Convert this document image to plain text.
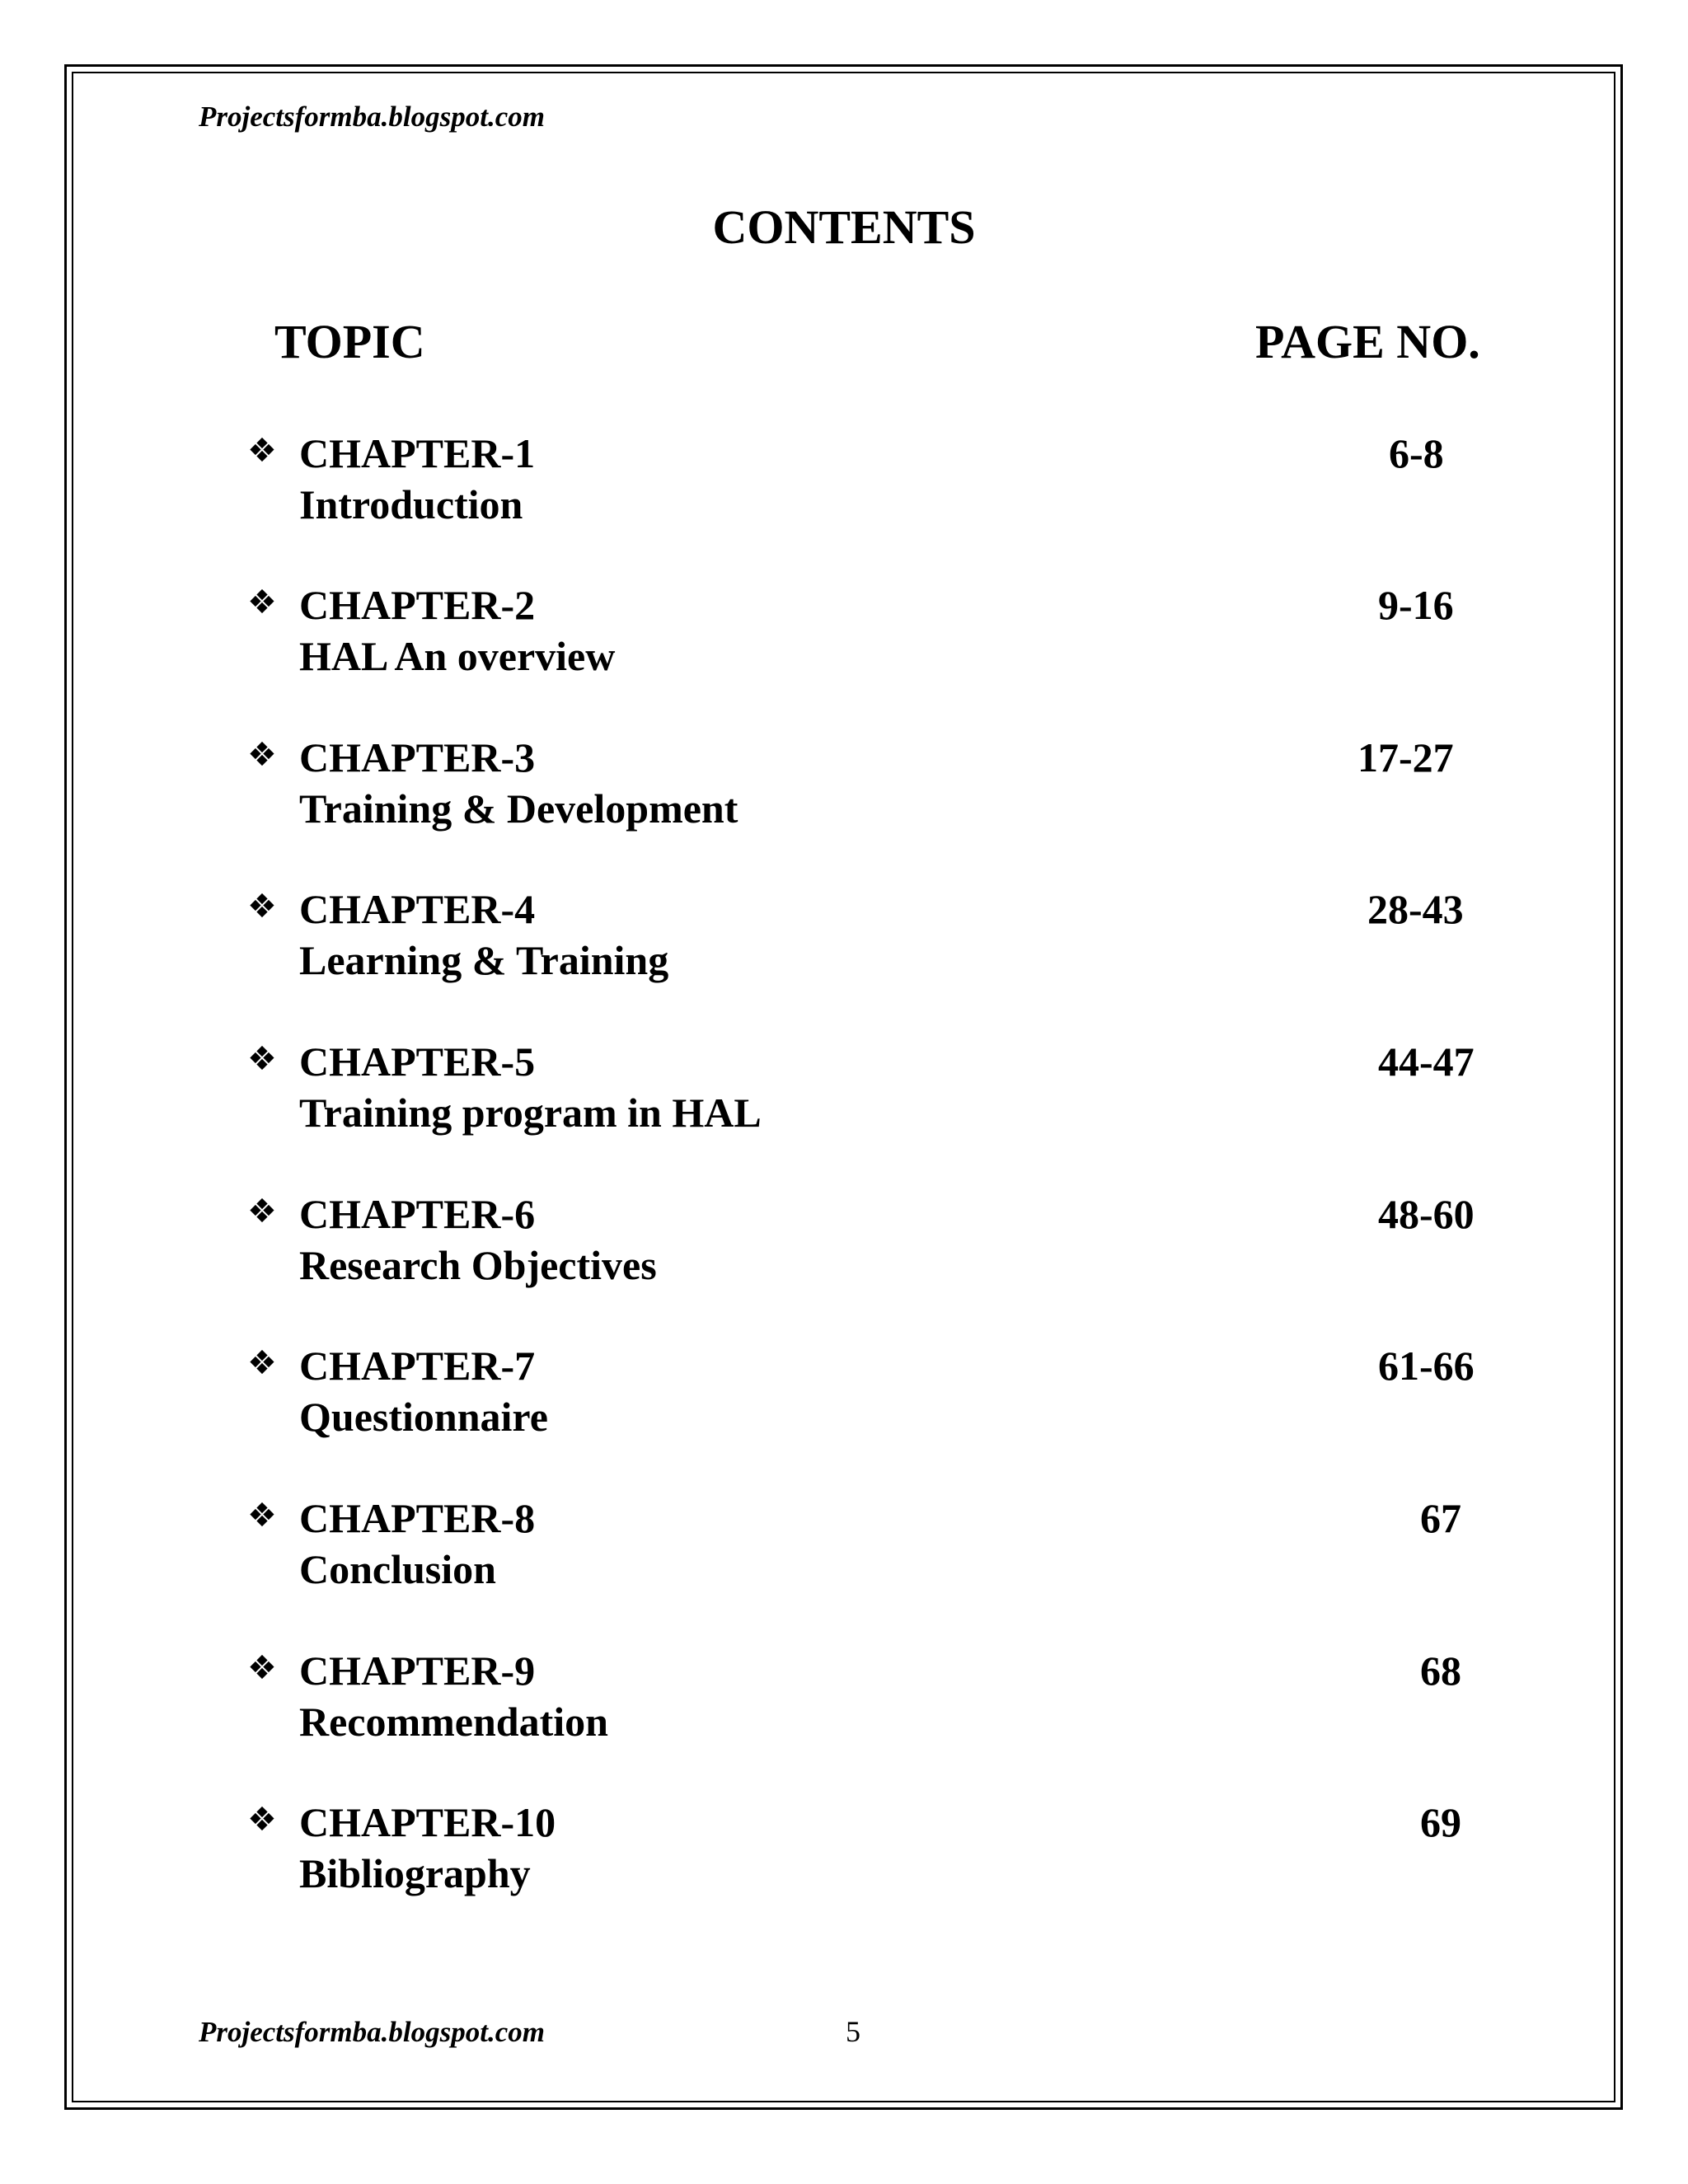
Projectsformba.blogspot.com
CONTENTS
TOPIC	PAGE NO.
❖ CHAPTER-1
Introduction
6-8
❖ CHAPTER-2
HAL An overview
9-16
❖ CHAPTER-3
Training & Development
17-27
❖ CHAPTER-4
Learning & Training
28-43
❖ CHAPTER-5
Training program in HAL
44-47
❖ CHAPTER-6
Research Objectives
48-60
❖ CHAPTER-7
Questionnaire
61-66
❖ CHAPTER-8
Conclusion
67
❖ CHAPTER-9
Recommendation
68
❖ CHAPTER-10
Bibliography
69
Projectsformba.blogspot.com	5
